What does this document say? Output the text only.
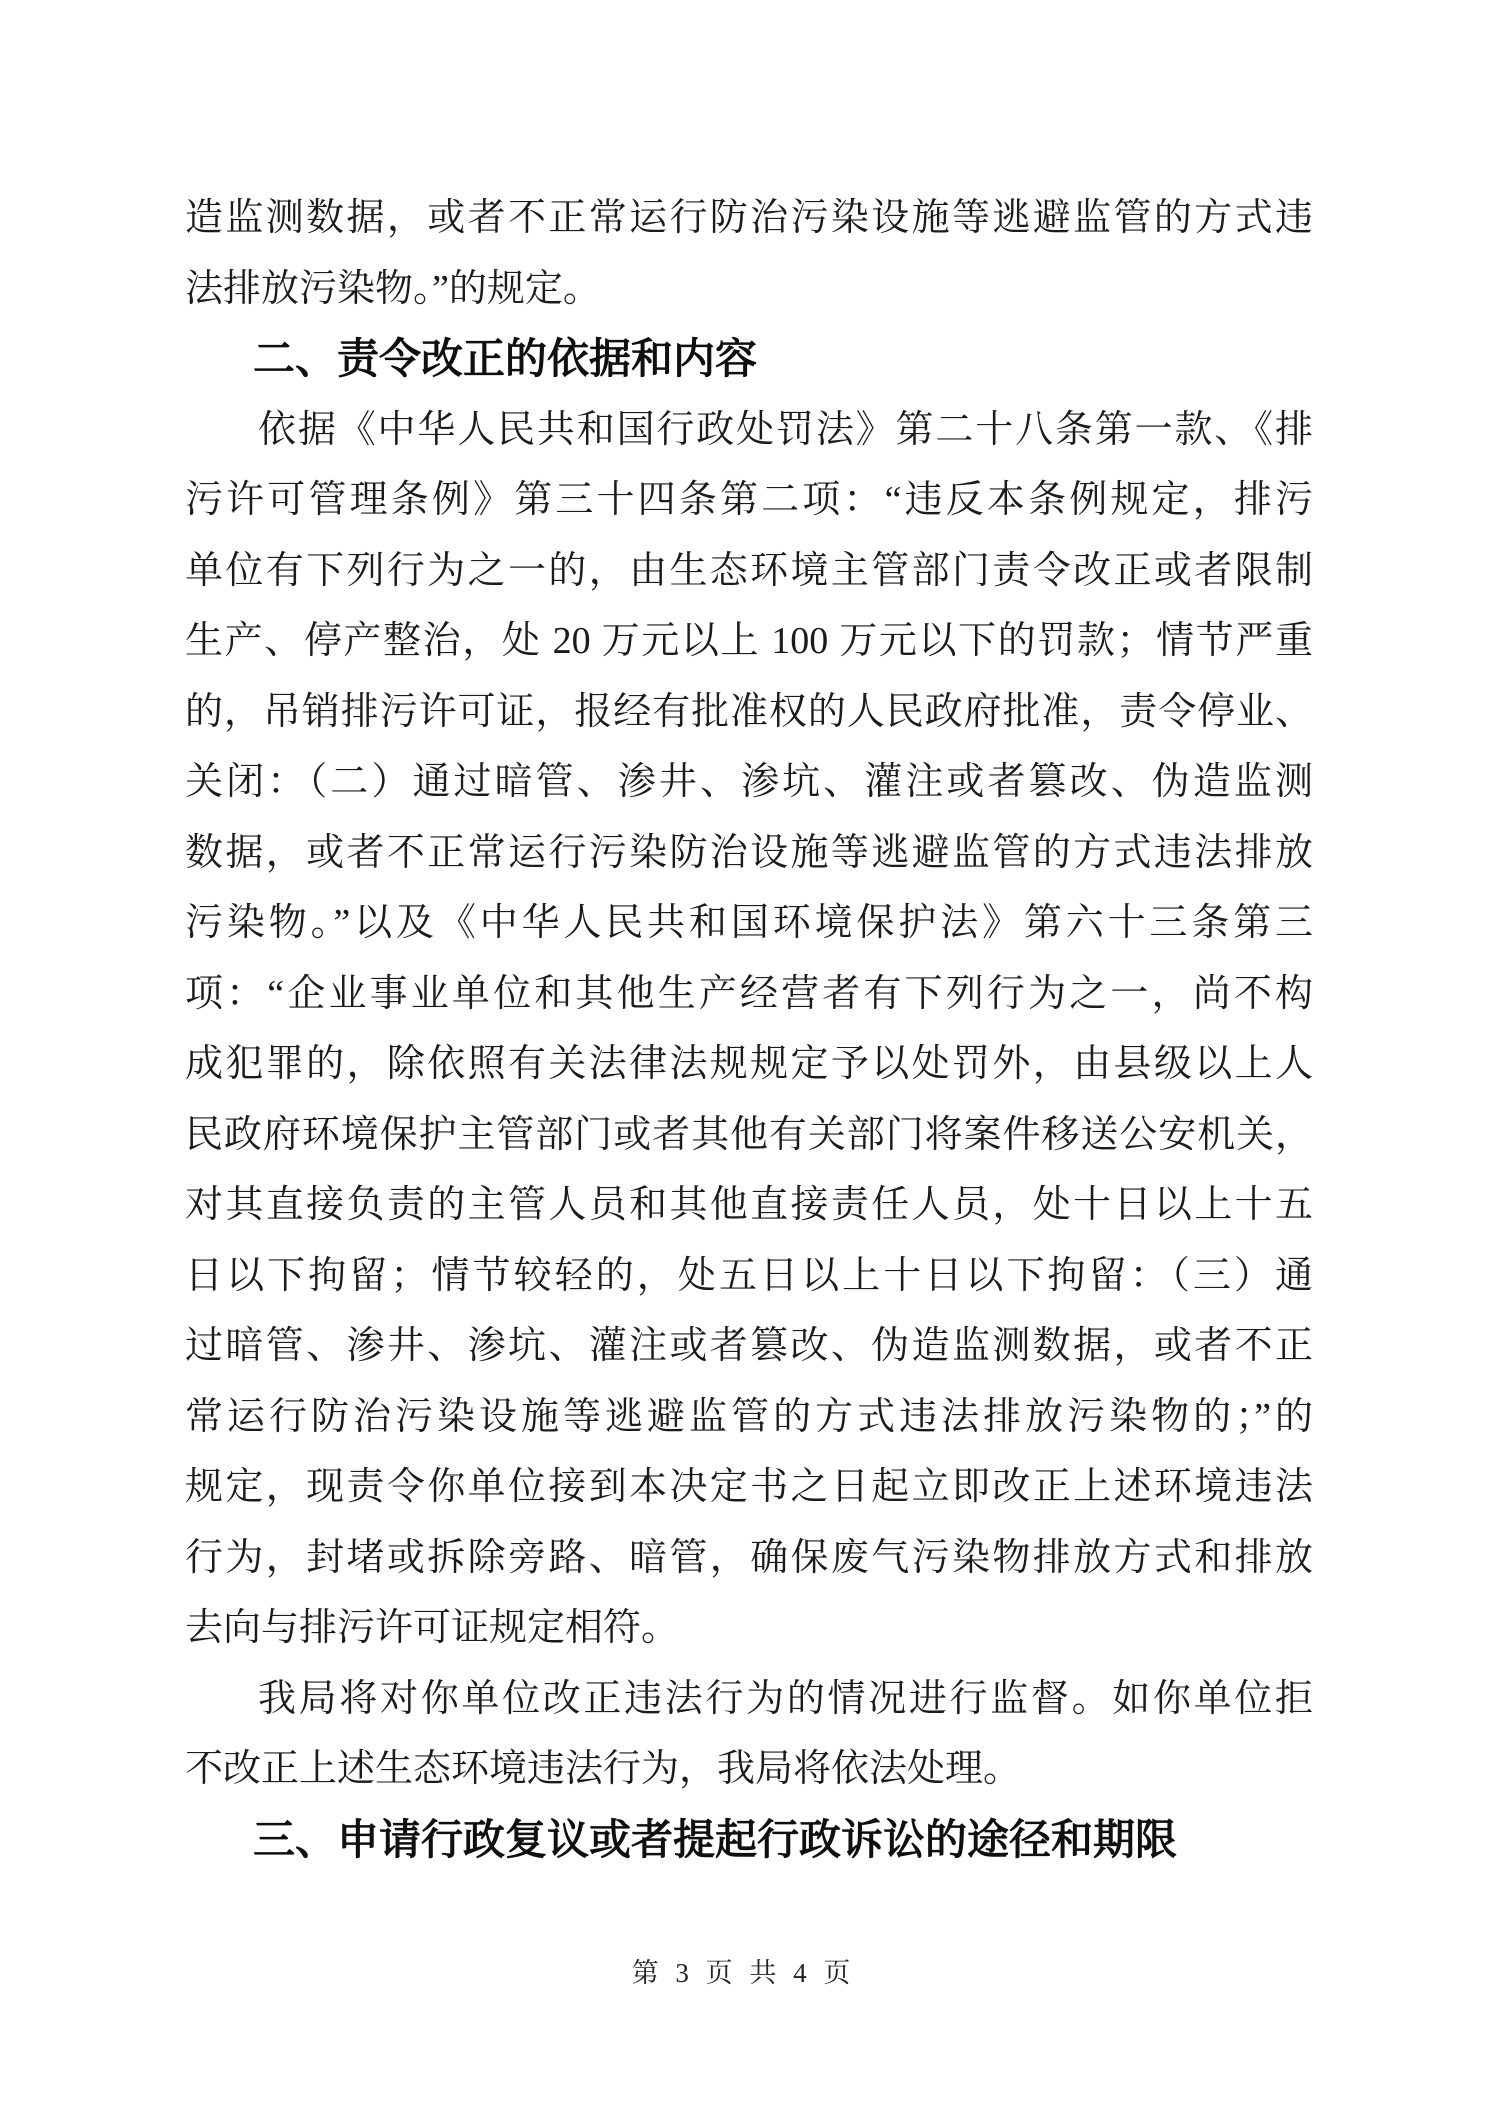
造监测数据，或者不正常运行防治污染设施等逃避监管的方式违
法排放污染物。”的规定。
二、责令改正的依据和内容
依据《中华人民共和国行政处罚法》第二十八条第一款、《排
污许可管理条例》第三十四条第二项：“违反本条例规定，排污
单位有下列行为之一的，由生态环境主管部门责令改正或者限制
生产、停产整治，处 20 万元以上 100 万元以下的罚款；情节严重
的，吊销排污许可证，报经有批准权的人民政府批准，责令停业、
关闭：（二）通过暗管、渗井、渗坑、灌注或者篡改、伪造监测
数据，或者不正常运行污染防治设施等逃避监管的方式违法排放
污染物。”以及《中华人民共和国环境保护法》第六十三条第三
项：“企业事业单位和其他生产经营者有下列行为之一，尚不构
成犯罪的，除依照有关法律法规规定予以处罚外，由县级以上人
民政府环境保护主管部门或者其他有关部门将案件移送公安机关，
对其直接负责的主管人员和其他直接责任人员，处十日以上十五
日以下拘留；情节较轻的，处五日以上十日以下拘留：（三）通
过暗管、渗井、渗坑、灌注或者篡改、伪造监测数据，或者不正
常运行防治污染设施等逃避监管的方式违法排放污染物的；”的
规定，现责令你单位接到本决定书之日起立即改正上述环境违法
行为，封堵或拆除旁路、暗管，确保废气污染物排放方式和排放
去向与排污许可证规定相符。
我局将对你单位改正违法行为的情况进行监督。如你单位拒
不改正上述生态环境违法行为，我局将依法处理。
三、申请行政复议或者提起行政诉讼的途径和期限
第 3 页 共 4 页
